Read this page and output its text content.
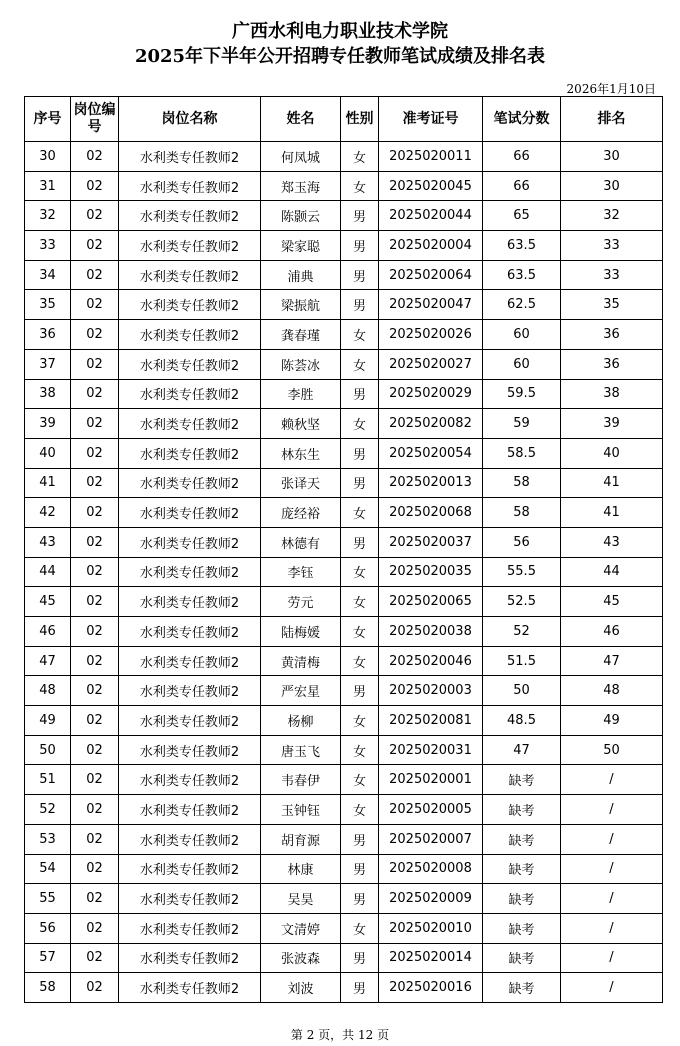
广西水利电力职业技术学院
2025年下半年公开招聘专任教师笔试成绩及排名表
2026年1月10日
序号	岗位编号	岗位名称	姓名	性别	准考证号	笔试分数	排名
30	02	水利类专任教师2	何凤城	女	2025020011	66	30
31	02	水利类专任教师2	郑玉海	女	2025020045	66	30
32	02	水利类专任教师2	陈颢云	男	2025020044	65	32
33	02	水利类专任教师2	梁家聪	男	2025020004	63.5	33
34	02	水利类专任教师2	浦典	男	2025020064	63.5	33
35	02	水利类专任教师2	梁振航	男	2025020047	62.5	35
36	02	水利类专任教师2	龚春瑾	女	2025020026	60	36
37	02	水利类专任教师2	陈荟冰	女	2025020027	60	36
38	02	水利类专任教师2	李胜	男	2025020029	59.5	38
39	02	水利类专任教师2	赖秋坚	女	2025020082	59	39
40	02	水利类专任教师2	林东生	男	2025020054	58.5	40
41	02	水利类专任教师2	张译天	男	2025020013	58	41
42	02	水利类专任教师2	庞经裕	女	2025020068	58	41
43	02	水利类专任教师2	林德有	男	2025020037	56	43
44	02	水利类专任教师2	李钰	女	2025020035	55.5	44
45	02	水利类专任教师2	劳元	女	2025020065	52.5	45
46	02	水利类专任教师2	陆梅媛	女	2025020038	52	46
47	02	水利类专任教师2	黄清梅	女	2025020046	51.5	47
48	02	水利类专任教师2	严宏星	男	2025020003	50	48
49	02	水利类专任教师2	杨柳	女	2025020081	48.5	49
50	02	水利类专任教师2	唐玉飞	女	2025020031	47	50
51	02	水利类专任教师2	韦春伊	女	2025020001	缺考	/
52	02	水利类专任教师2	玉钟钰	女	2025020005	缺考	/
53	02	水利类专任教师2	胡育源	男	2025020007	缺考	/
54	02	水利类专任教师2	林康	男	2025020008	缺考	/
55	02	水利类专任教师2	吴昊	男	2025020009	缺考	/
56	02	水利类专任教师2	文清婷	女	2025020010	缺考	/
57	02	水利类专任教师2	张波森	男	2025020014	缺考	/
58	02	水利类专任教师2	刘波	男	2025020016	缺考	/
第 2 页，共 12 页
